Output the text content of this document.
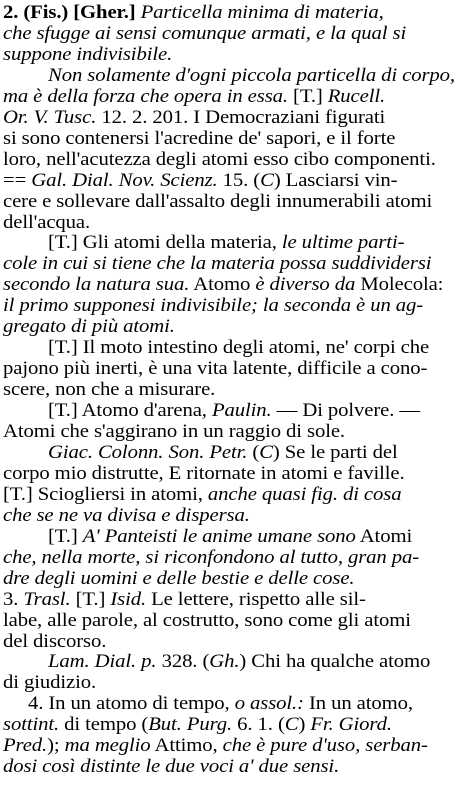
2. (Fis.) [Gher.] Particella minima di materia,
che sfugge ai sensi comunque armati, e la qual si
suppone indivisibile.
Non solamente d'ogni piccola particella di corpo,
ma è della forza che opera in essa. [T.] Rucell.
Or. V. Tusc. 12. 2. 201. I Democraziani figurati
si sono contenersi l'acredine de' sapori, e il forte
loro, nell'acutezza degli atomi esso cibo componenti.
== Gal. Dial. Nov. Scienz. 15. (C) Lasciarsi vin-
cere e sollevare dall'assalto degli innumerabili atomi
dell'acqua.
[T.] Gli atomi della materia, le ultime parti-
cole in cui si tiene che la materia possa suddividersi
secondo la natura sua. Atomo è diverso da Molecola:
il primo supponesi indivisibile; la seconda è un ag-
gregato di più atomi.
[T.] Il moto intestino degli atomi, ne' corpi che
pajono più inerti, è una vita latente, difficile a cono-
scere, non che a misurare.
[T.] Atomo d'arena, Paulin. — Di polvere. —
Atomi che s'aggirano in un raggio di sole.
Giac. Colonn. Son. Petr. (C) Se le parti del
corpo mio distrutte, E ritornate in atomi e faville.
[T.] Sciogliersi in atomi, anche quasi fig. di cosa
che se ne va divisa e dispersa.
[T.] A' Panteisti le anime umane sono Atomi
che, nella morte, si riconfondono al tutto, gran pa-
dre degli uomini e delle bestie e delle cose.
3. Trasl. [T.] Isid. Le lettere, rispetto alle sil-
labe, alle parole, al costrutto, sono come gli atomi
del discorso.
Lam. Dial. p. 328. (Gh.) Chi ha qualche atomo
di giudizio.
4. In un atomo di tempo, o assol.: In un atomo,
sottint. di tempo (But. Purg. 6. 1. (C) Fr. Giord.
Pred.); ma meglio Attimo, che è pure d'uso, serban-
dosi così distinte le due voci a' due sensi.
